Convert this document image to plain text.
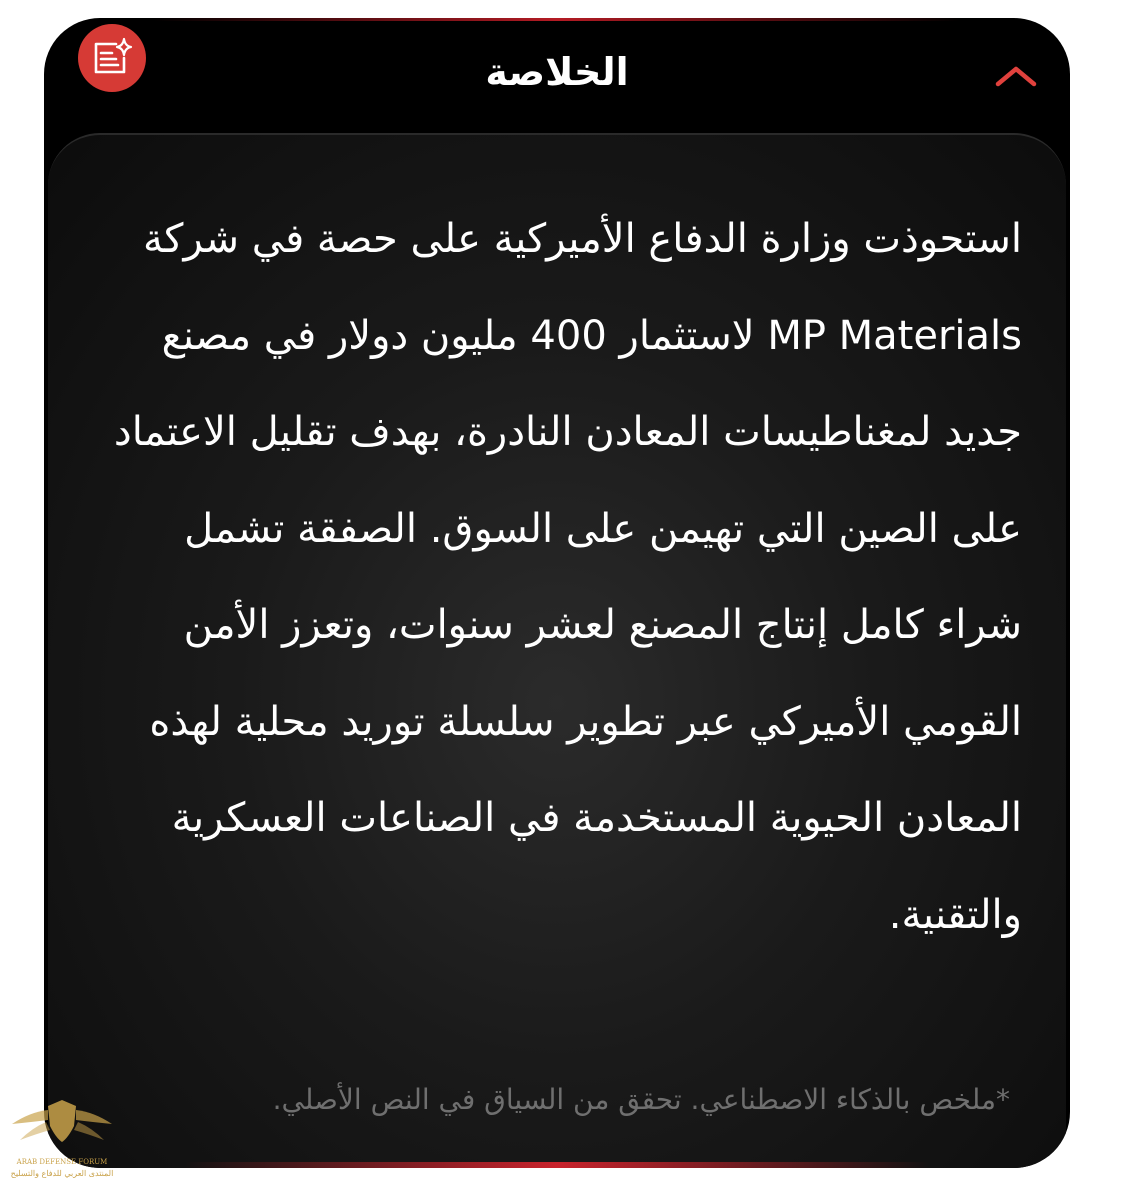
الخلاصة

استحوذت وزارة الدفاع الأميركية على حصة في شركة MP Materials لاستثمار 400 مليون دولار في مصنع جديد لمغناطيسات المعادن النادرة، بهدف تقليل الاعتماد على الصين التي تهيمن على السوق. الصفقة تشمل شراء كامل إنتاج المصنع لعشر سنوات، وتعزز الأمن القومي الأميركي عبر تطوير سلسلة توريد محلية لهذه المعادن الحيوية المستخدمة في الصناعات العسكرية والتقنية.

*ملخص بالذكاء الاصطناعي. تحقق من السياق في النص الأصلي.

ARAB DEFENSE FORUM
المنتدى العربي للدفاع والتسليح
